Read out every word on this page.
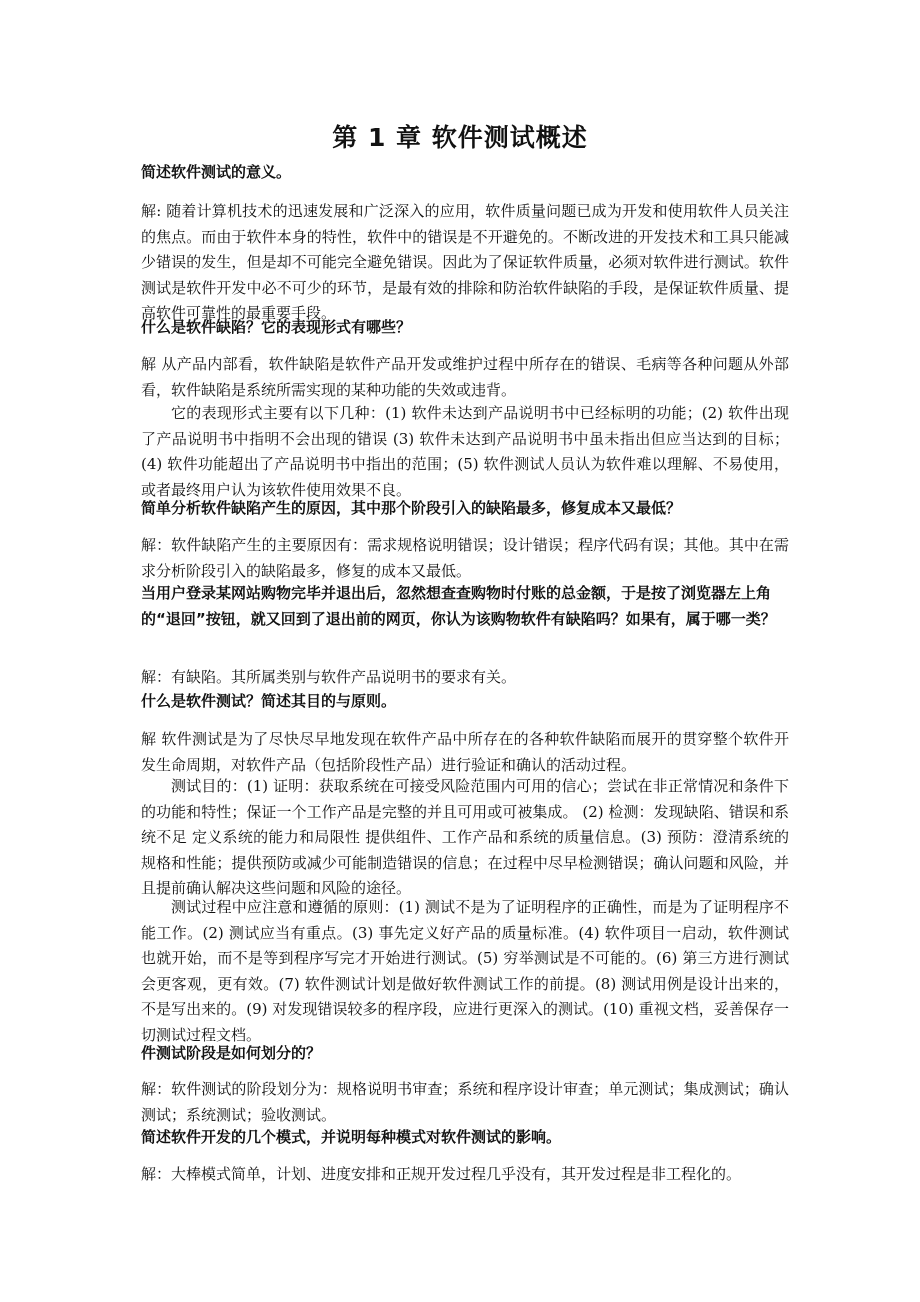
第 1 章 软件测试概述
简述软件测试的意义。
解: 随着计算机技术的迅速发展和广泛深入的应用，软件质量问题已成为开发和使用软件人员关注的焦点。而由于软件本身的特性，软件中的错误是不开避免的。不断改进的开发技术和工具只能减少错误的发生，但是却不可能完全避免错误。因此为了保证软件质量，必须对软件进行测试。软件测试是软件开发中必不可少的环节，是最有效的排除和防治软件缺陷的手段，是保证软件质量、提高软件可靠性的最重要手段。
什么是软件缺陷？它的表现形式有哪些？
解 从产品内部看，软件缺陷是软件产品开发或维护过程中所存在的错误、毛病等各种问题从外部看，软件缺陷是系统所需实现的某种功能的失效或违背。
它的表现形式主要有以下几种：(1) 软件未达到产品说明书中已经标明的功能；(2) 软件出现了产品说明书中指明不会出现的错误 (3) 软件未达到产品说明书中虽未指出但应当达到的目标；(4) 软件功能超出了产品说明书中指出的范围；(5) 软件测试人员认为软件难以理解、不易使用，或者最终用户认为该软件使用效果不良。
简单分析软件缺陷产生的原因，其中那个阶段引入的缺陷最多，修复成本又最低？
解：软件缺陷产生的主要原因有：需求规格说明错误；设计错误；程序代码有误；其他。其中在需求分析阶段引入的缺陷最多，修复的成本又最低。
当用户登录某网站购物完毕并退出后，忽然想查查购物时付账的总金额，于是按了浏览器左上角的“退回”按钮，就又回到了退出前的网页，你认为该购物软件有缺陷吗？如果有，属于哪一类？
解：有缺陷。其所属类别与软件产品说明书的要求有关。
什么是软件测试？简述其目的与原则。
解 软件测试是为了尽快尽早地发现在软件产品中所存在的各种软件缺陷而展开的贯穿整个软件开发生命周期，对软件产品（包括阶段性产品）进行验证和确认的活动过程。
测试目的：(1) 证明：获取系统在可接受风险范围内可用的信心；尝试在非正常情况和条件下的功能和特性；保证一个工作产品是完整的并且可用或可被集成。 (2) 检测：发现缺陷、错误和系统不足 定义系统的能力和局限性 提供组件、工作产品和系统的质量信息。(3) 预防：澄清系统的规格和性能；提供预防或减少可能制造错误的信息；在过程中尽早检测错误；确认问题和风险，并且提前确认解决这些问题和风险的途径。
测试过程中应注意和遵循的原则：(1) 测试不是为了证明程序的正确性，而是为了证明程序不能工作。(2) 测试应当有重点。(3) 事先定义好产品的质量标准。(4) 软件项目一启动，软件测试也就开始，而不是等到程序写完才开始进行测试。(5) 穷举测试是不可能的。(6) 第三方进行测试会更客观，更有效。(7) 软件测试计划是做好软件测试工作的前提。(8) 测试用例是设计出来的，不是写出来的。(9) 对发现错误较多的程序段，应进行更深入的测试。(10) 重视文档，妥善保存一切测试过程文档。
件测试阶段是如何划分的？
解：软件测试的阶段划分为：规格说明书审查；系统和程序设计审查；单元测试；集成测试；确认测试；系统测试；验收测试。
简述软件开发的几个模式，并说明每种模式对软件测试的影响。
解：大棒模式简单，计划、进度安排和正规开发过程几乎没有，其开发过程是非工程化的。
